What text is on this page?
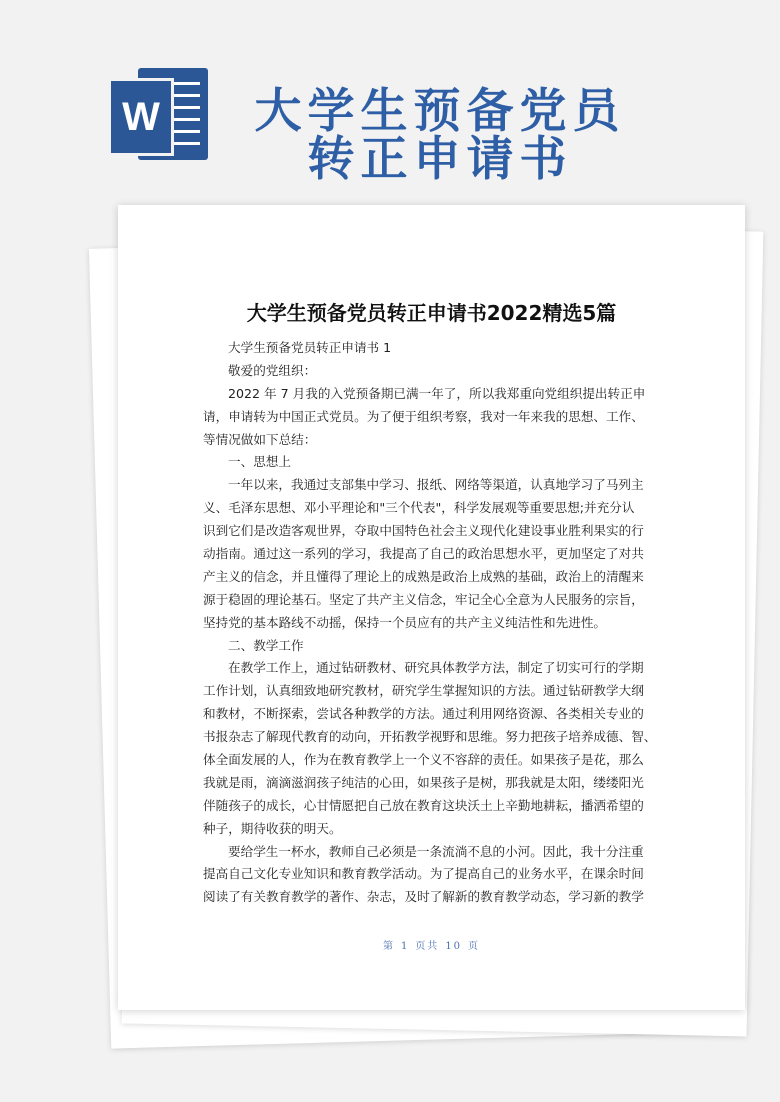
W	大学生预备党员
转正申请书
大学生预备党员转正申请书2022精选5篇
大学生预备党员转正申请书 1
敬爱的党组织：
2022 年 7 月我的入党预备期已满一年了，所以我郑重向党组织提出转正申
请，申请转为中国正式党员。为了便于组织考察，我对一年来我的思想、工作、
等情况做如下总结：
一、思想上
一年以来，我通过支部集中学习、报纸、网络等渠道，认真地学习了马列主
义、毛泽东思想、邓小平理论和"三个代表"，科学发展观等重要思想;并充分认
识到它们是改造客观世界，夺取中国特色社会主义现代化建设事业胜利果实的行
动指南。通过这一系列的学习，我提高了自己的政治思想水平，更加坚定了对共
产主义的信念，并且懂得了理论上的成熟是政治上成熟的基础，政治上的清醒来
源于稳固的理论基石。坚定了共产主义信念，牢记全心全意为人民服务的宗旨，
坚持党的基本路线不动摇，保持一个员应有的共产主义纯洁性和先进性。
二、教学工作
在教学工作上，通过钻研教材、研究具体教学方法，制定了切实可行的学期
工作计划，认真细致地研究教材，研究学生掌握知识的方法。通过钻研教学大纲
和教材，不断探索，尝试各种教学的方法。通过利用网络资源、各类相关专业的
书报杂志了解现代教育的动向，开拓教学视野和思维。努力把孩子培养成德、智、
体全面发展的人，作为在教育教学上一个义不容辞的责任。如果孩子是花，那么
我就是雨，滴滴滋润孩子纯洁的心田，如果孩子是树，那我就是太阳，缕缕阳光
伴随孩子的成长，心甘情愿把自己放在教育这块沃土上辛勤地耕耘，播洒希望的
种子，期待收获的明天。
要给学生一杯水，教师自己必须是一条流淌不息的小河。因此，我十分注重
提高自己文化专业知识和教育教学活动。为了提高自己的业务水平，在课余时间
阅读了有关教育教学的著作、杂志，及时了解新的教育教学动态，学习新的教学
第 1 页共 10 页
